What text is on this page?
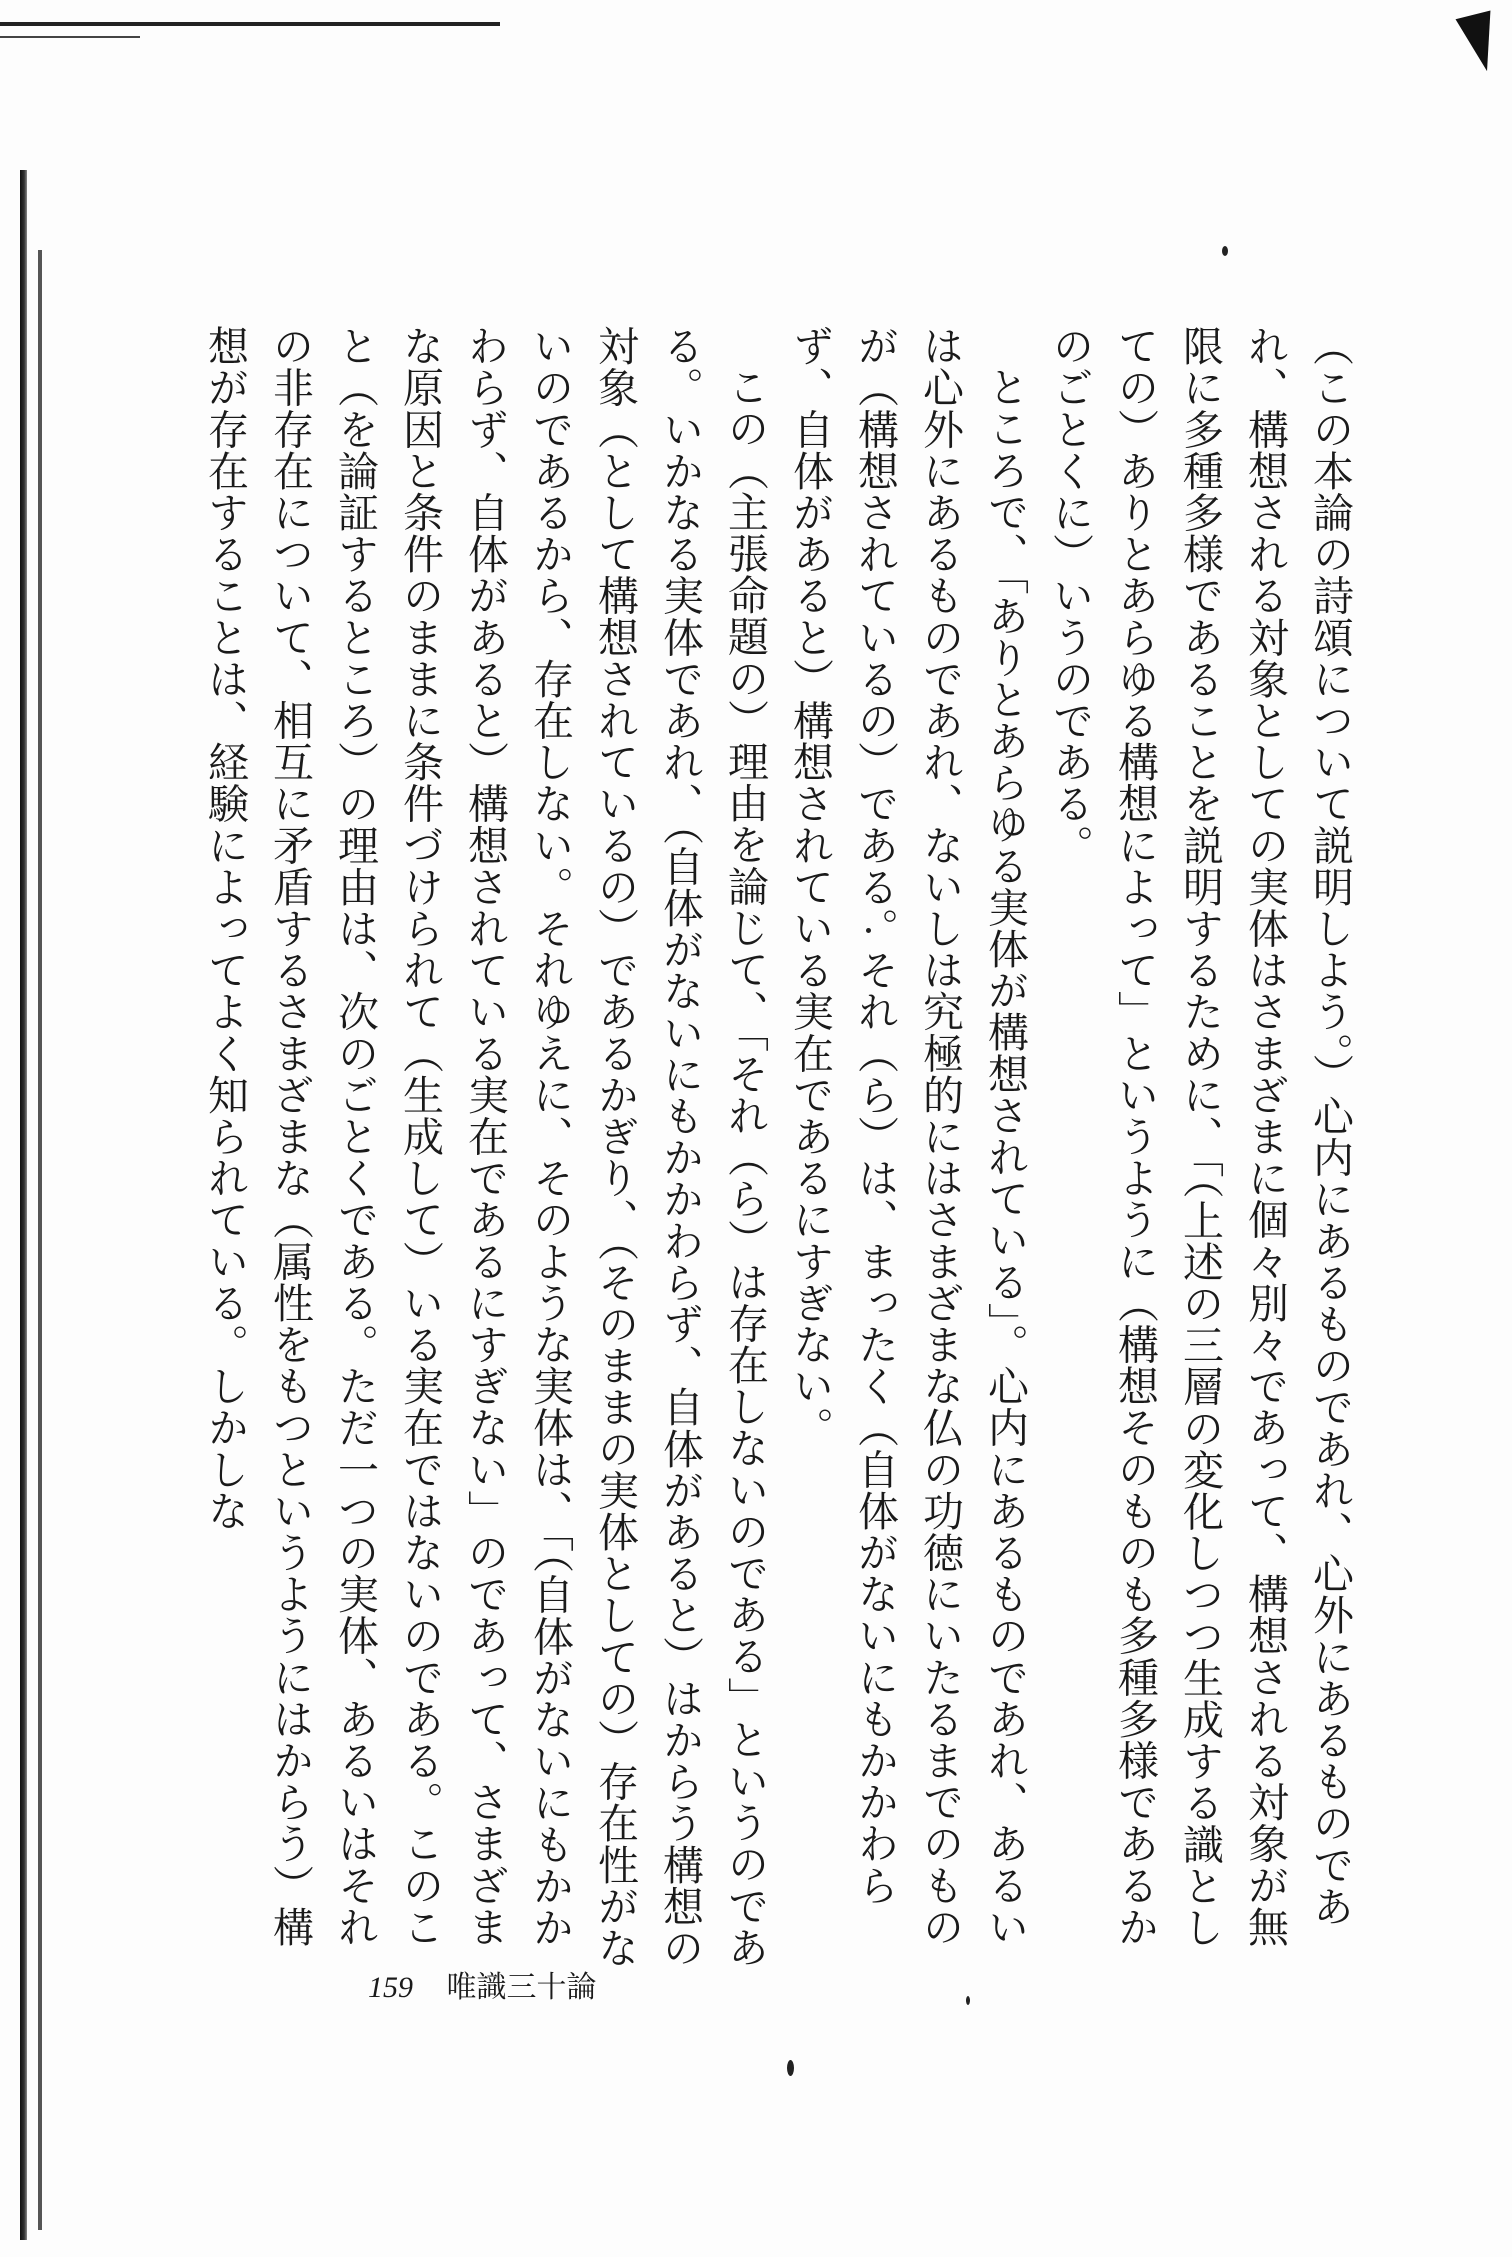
（この本論の詩頌について説明しよう。）心内にあるものであれ、心外にあるものであれ、構想される対象としての実体はさまざまに個々別々であって、構想される対象が無限に多種多様であることを説明するために、「（上述の三層の変化しつつ生成する識としての）ありとあらゆる構想によって」というように（構想そのものも多種多様であるかのごとくに）いうのである。

ところで、「ありとあらゆる実体が構想されている」。心内にあるものであれ、あるいは心外にあるものであれ、ないしは究極的にはさまざまな仏の功徳にいたるまでのものが（構想されているの）である。それ（ら）は、まったく（自体がないにもかかわらず、自体があると）構想されている実在であるにすぎない。

この（主張命題の）理由を論じて、「それ（ら）は存在しないのである」というのである。いかなる実体であれ、（自体がないにもかかわらず、自体があると）はからう構想の対象（として構想されているの）であるかぎり、（そのままの実体としての）存在性がないのであるから、存在しない。それゆえに、そのような実体は、「（自体がないにもかかわらず、自体があると）構想されている実在であるにすぎない」のであって、さまざまな原因と条件のままに条件づけられて（生成して）いる実在ではないのである。このこと（を論証するところ）の理由は、次のごとくである。ただ一つの実体、あるいはそれの非存在について、相互に矛盾するさまざまな（属性をもつというようにはからう）構想が存在することは、経験によってよく知られている。しかしな

159 唯識三十論
